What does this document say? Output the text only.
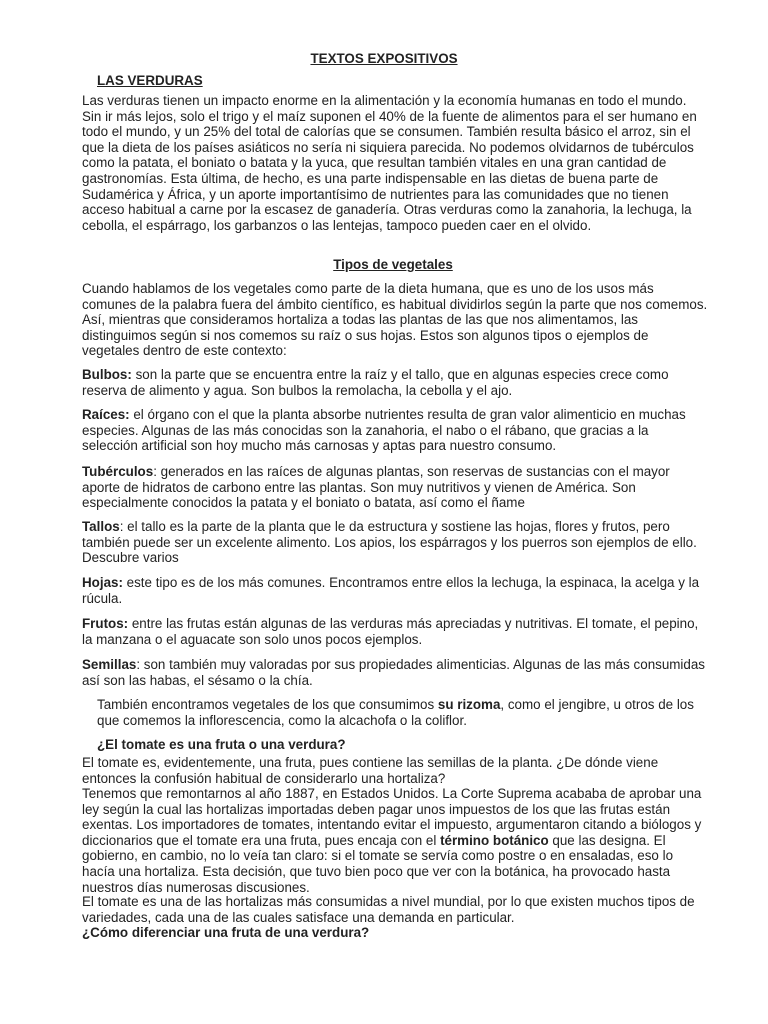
TEXTOS EXPOSITIVOS
LAS VERDURAS

Las verduras tienen un impacto enorme en la alimentación y la economía humanas en todo el mundo. Sin ir más lejos, solo el trigo y el maíz suponen el 40% de la fuente de alimentos para el ser humano en todo el mundo, y un 25% del total de calorías que se consumen. También resulta básico el arroz, sin el que la dieta de los países asiáticos no sería ni siquiera parecida. No podemos olvidarnos de tubérculos como la patata, el boniato o batata y la yuca, que resultan también vitales en una gran cantidad de gastronomías. Esta última, de hecho, es una parte indispensable en las dietas de buena parte de Sudamérica y África, y un aporte importantísimo de nutrientes para las comunidades que no tienen acceso habitual a carne por la escasez de ganadería. Otras verduras como la zanahoria, la lechuga, la cebolla, el espárrago, los garbanzos o las lentejas, tampoco pueden caer en el olvido.

Tipos de vegetales

Cuando hablamos de los vegetales como parte de la dieta humana, que es uno de los usos más comunes de la palabra fuera del ámbito científico, es habitual dividirlos según la parte que nos comemos. Así, mientras que consideramos hortaliza a todas las plantas de las que nos alimentamos, las distinguimos según si nos comemos su raíz o sus hojas. Estos son algunos tipos o ejemplos de vegetales dentro de este contexto:

Bulbos: son la parte que se encuentra entre la raíz y el tallo, que en algunas especies crece como reserva de alimento y agua. Son bulbos la remolacha, la cebolla y el ajo.

Raíces: el órgano con el que la planta absorbe nutrientes resulta de gran valor alimenticio en muchas especies. Algunas de las más conocidas son la zanahoria, el nabo o el rábano, que gracias a la selección artificial son hoy mucho más carnosas y aptas para nuestro consumo.

Tubérculos: generados en las raíces de algunas plantas, son reservas de sustancias con el mayor aporte de hidratos de carbono entre las plantas. Son muy nutritivos y vienen de América. Son especialmente conocidos la patata y el boniato o batata, así como el ñame

Tallos: el tallo es la parte de la planta que le da estructura y sostiene las hojas, flores y frutos, pero también puede ser un excelente alimento. Los apios, los espárragos y los puerros son ejemplos de ello. Descubre varios

Hojas: este tipo es de los más comunes. Encontramos entre ellos la lechuga, la espinaca, la acelga y la rúcula.

Frutos: entre las frutas están algunas de las verduras más apreciadas y nutritivas. El tomate, el pepino, la manzana o el aguacate son solo unos pocos ejemplos.

Semillas: son también muy valoradas por sus propiedades alimenticias. Algunas de las más consumidas así son las habas, el sésamo o la chía.

También encontramos vegetales de los que consumimos su rizoma, como el jengibre, u otros de los que comemos la inflorescencia, como la alcachofa o la coliflor.

¿El tomate es una fruta o una verdura?

El tomate es, evidentemente, una fruta, pues contiene las semillas de la planta. ¿De dónde viene entonces la confusión habitual de considerarlo una hortaliza?

Tenemos que remontarnos al año 1887, en Estados Unidos. La Corte Suprema acababa de aprobar una ley según la cual las hortalizas importadas deben pagar unos impuestos de los que las frutas están exentas. Los importadores de tomates, intentando evitar el impuesto, argumentaron citando a biólogos y diccionarios que el tomate era una fruta, pues encaja con el término botánico que las designa. El gobierno, en cambio, no lo veía tan claro: si el tomate se servía como postre o en ensaladas, eso lo hacía una hortaliza. Esta decisión, que tuvo bien poco que ver con la botánica, ha provocado hasta nuestros días numerosas discusiones.

El tomate es una de las hortalizas más consumidas a nivel mundial, por lo que existen muchos tipos de variedades, cada una de las cuales satisface una demanda en particular.

¿Cómo diferenciar una fruta de una verdura?
